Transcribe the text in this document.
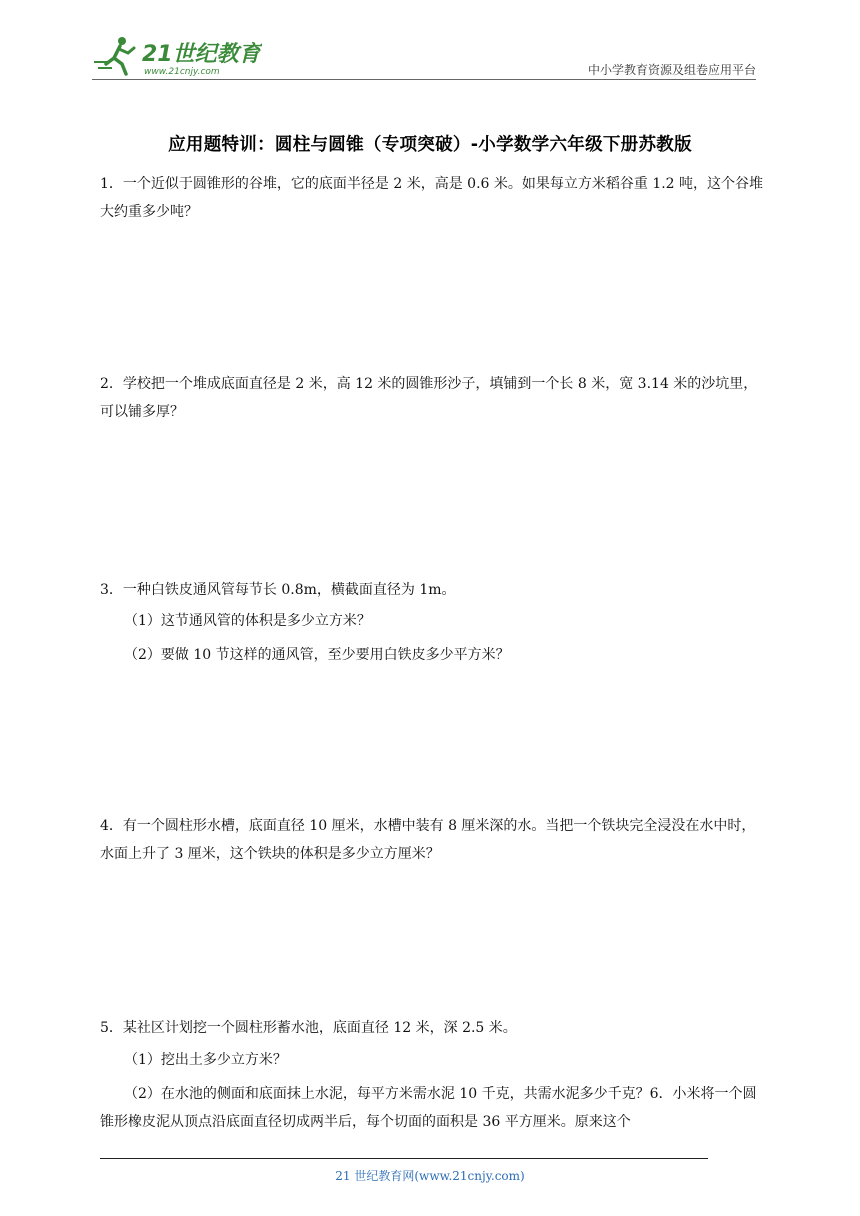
21世纪教育
www.21cnjy.com	中小学教育资源及组卷应用平台
应用题特训：圆柱与圆锥（专项突破）-小学数学六年级下册苏教版
1．一个近似于圆锥形的谷堆，它的底面半径是 2 米，高是 0.6 米。如果每立方米稻谷重 1.2 吨，这个谷堆大约重多少吨？
2．学校把一个堆成底面直径是 2 米，高 12 米的圆锥形沙子，填铺到一个长 8 米，宽 3.14 米的沙坑里，可以铺多厚？
3．一种白铁皮通风管每节长 0.8m，横截面直径为 1m。
（1）这节通风管的体积是多少立方米？
（2）要做 10 节这样的通风管，至少要用白铁皮多少平方米？
4．有一个圆柱形水槽，底面直径 10 厘米，水槽中装有 8 厘米深的水。当把一个铁块完全浸没在水中时，水面上升了 3 厘米，这个铁块的体积是多少立方厘米？
5．某社区计划挖一个圆柱形蓄水池，底面直径 12 米，深 2.5 米。
（1）挖出土多少立方米？
（2）在水池的侧面和底面抹上水泥，每平方米需水泥 10 千克，共需水泥多少千克？6．小米将一个圆锥形橡皮泥从顶点沿底面直径切成两半后，每个切面的面积是 36 平方厘米。原来这个
21 世纪教育网(www.21cnjy.com)
